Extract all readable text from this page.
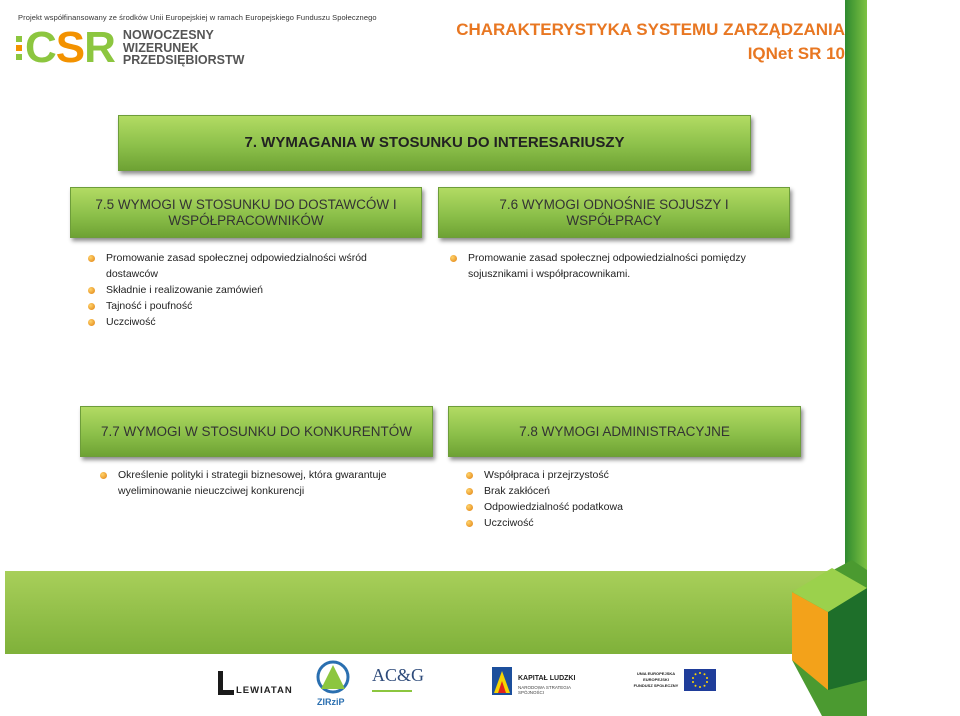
Projekt współfinansowany ze środków Unii Europejskiej w ramach Europejskiego Funduszu Społecznego
CSR NOWOCZESNY
WIZERUNEK
PRZEDSIĘBIORSTW
CHARAKTERYSTYKA SYSTEMU ZARZĄDZANIA
IQNet SR 10
7. WYMAGANIA W STOSUNKU DO INTERESARIUSZY
7.5 WYMOGI W STOSUNKU DO DOSTAWCÓW I WSPÓŁPRACOWNIKÓW
7.6 WYMOGI ODNOŚNIE SOJUSZY I WSPÓŁPRACY
7.7 WYMOGI W STOSUNKU DO KONKURENTÓW	7.8 WYMOGI ADMINISTRACYJNE
Promowanie zasad społecznej odpowiedzialności wśród dostawców
Składnie i realizowanie zamówień
Tajność i poufność
Uczciwość
Promowanie zasad społecznej odpowiedzialności pomiędzy sojusznikami i współpracownikami.
Określenie polityki i strategii biznesowej, która gwarantuje wyeliminowanie nieuczciwej konkurencji
Współpraca i przejrzystość
Brak zakłóceń
Odpowiedzialność podatkowa
Uczciwość
LEWIATAN
ZIRziP
AC&G	KAPITAŁ LUDZKI
NARODOWA STRATEGIA SPÓJNOŚCI
UNIA EUROPEJSKA
EUROPEJSKI
FUNDUSZ SPOŁECZNY
